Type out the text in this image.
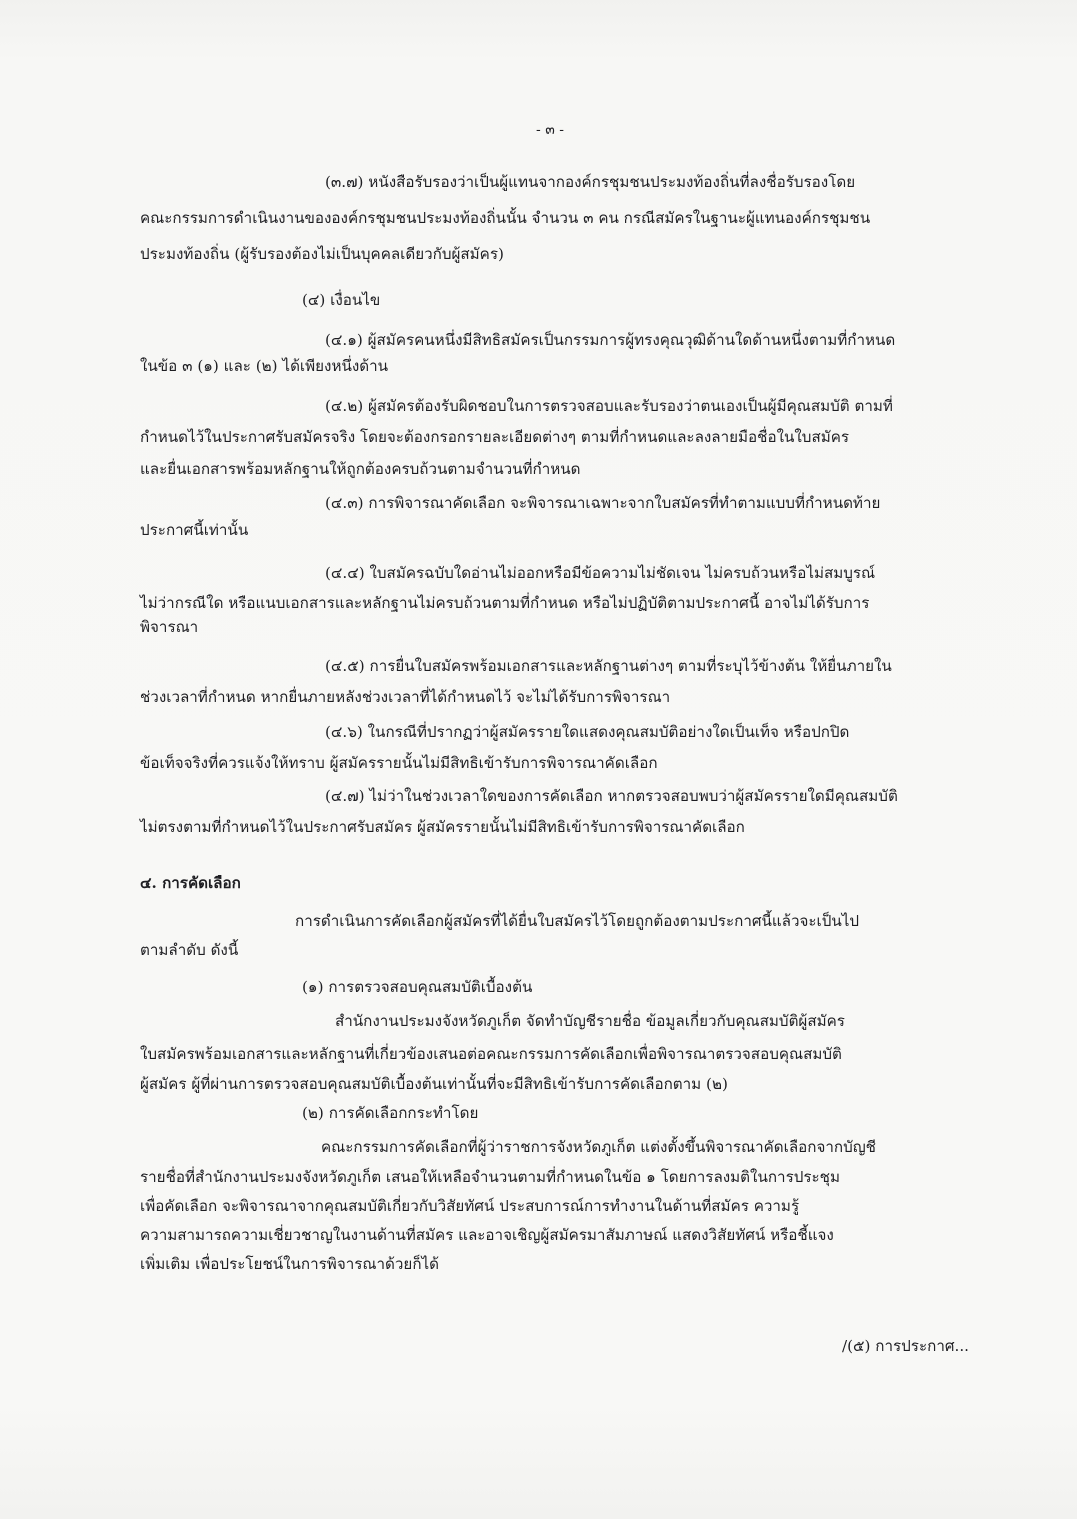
- ๓ -
(๓.๗) หนังสือรับรองว่าเป็นผู้แทนจากองค์กรชุมชนประมงท้องถิ่นที่ลงชื่อรับรองโดย
คณะกรรมการดำเนินงานขององค์กรชุมชนประมงท้องถิ่นนั้น จำนวน ๓ คน กรณีสมัครในฐานะผู้แทนองค์กรชุมชน
ประมงท้องถิ่น (ผู้รับรองต้องไม่เป็นบุคคลเดียวกับผู้สมัคร)
(๔) เงื่อนไข
(๔.๑) ผู้สมัครคนหนึ่งมีสิทธิสมัครเป็นกรรมการผู้ทรงคุณวุฒิด้านใดด้านหนึ่งตามที่กำหนด
ในข้อ ๓ (๑) และ (๒) ได้เพียงหนึ่งด้าน
(๔.๒) ผู้สมัครต้องรับผิดชอบในการตรวจสอบและรับรองว่าตนเองเป็นผู้มีคุณสมบัติ ตามที่
กำหนดไว้ในประกาศรับสมัครจริง โดยจะต้องกรอกรายละเอียดต่างๆ ตามที่กำหนดและลงลายมือชื่อในใบสมัคร
และยื่นเอกสารพร้อมหลักฐานให้ถูกต้องครบถ้วนตามจำนวนที่กำหนด
(๔.๓) การพิจารณาคัดเลือก จะพิจารณาเฉพาะจากใบสมัครที่ทำตามแบบที่กำหนดท้าย
ประกาศนี้เท่านั้น
(๔.๔) ใบสมัครฉบับใดอ่านไม่ออกหรือมีข้อความไม่ชัดเจน ไม่ครบถ้วนหรือไม่สมบูรณ์
ไม่ว่ากรณีใด หรือแนบเอกสารและหลักฐานไม่ครบถ้วนตามที่กำหนด หรือไม่ปฏิบัติตามประกาศนี้ อาจไม่ได้รับการ
พิจารณา
(๔.๕) การยื่นใบสมัครพร้อมเอกสารและหลักฐานต่างๆ ตามที่ระบุไว้ข้างต้น ให้ยื่นภายใน
ช่วงเวลาที่กำหนด หากยื่นภายหลังช่วงเวลาที่ได้กำหนดไว้ จะไม่ได้รับการพิจารณา
(๔.๖) ในกรณีที่ปรากฏว่าผู้สมัครรายใดแสดงคุณสมบัติอย่างใดเป็นเท็จ หรือปกปิด
ข้อเท็จจริงที่ควรแจ้งให้ทราบ ผู้สมัครรายนั้นไม่มีสิทธิเข้ารับการพิจารณาคัดเลือก
(๔.๗) ไม่ว่าในช่วงเวลาใดของการคัดเลือก หากตรวจสอบพบว่าผู้สมัครรายใดมีคุณสมบัติ
ไม่ตรงตามที่กำหนดไว้ในประกาศรับสมัคร ผู้สมัครรายนั้นไม่มีสิทธิเข้ารับการพิจารณาคัดเลือก
๔. การคัดเลือก
การดำเนินการคัดเลือกผู้สมัครที่ได้ยื่นใบสมัครไว้โดยถูกต้องตามประกาศนี้แล้วจะเป็นไป
ตามลำดับ ดังนี้
(๑) การตรวจสอบคุณสมบัติเบื้องต้น
สำนักงานประมงจังหวัดภูเก็ต จัดทำบัญชีรายชื่อ ข้อมูลเกี่ยวกับคุณสมบัติผู้สมัคร
ใบสมัครพร้อมเอกสารและหลักฐานที่เกี่ยวข้องเสนอต่อคณะกรรมการคัดเลือกเพื่อพิจารณาตรวจสอบคุณสมบัติ
ผู้สมัคร ผู้ที่ผ่านการตรวจสอบคุณสมบัติเบื้องต้นเท่านั้นที่จะมีสิทธิเข้ารับการคัดเลือกตาม (๒)
(๒) การคัดเลือกกระทำโดย
คณะกรรมการคัดเลือกที่ผู้ว่าราชการจังหวัดภูเก็ต แต่งตั้งขึ้นพิจารณาคัดเลือกจากบัญชี
รายชื่อที่สำนักงานประมงจังหวัดภูเก็ต เสนอให้เหลือจำนวนตามที่กำหนดในข้อ ๑ โดยการลงมติในการประชุม
เพื่อคัดเลือก จะพิจารณาจากคุณสมบัติเกี่ยวกับวิสัยทัศน์ ประสบการณ์การทำงานในด้านที่สมัคร ความรู้
ความสามารถความเชี่ยวชาญในงานด้านที่สมัคร และอาจเชิญผู้สมัครมาสัมภาษณ์ แสดงวิสัยทัศน์ หรือชี้แจง
เพิ่มเติม เพื่อประโยชน์ในการพิจารณาด้วยก็ได้
/(๕) การประกาศ...
